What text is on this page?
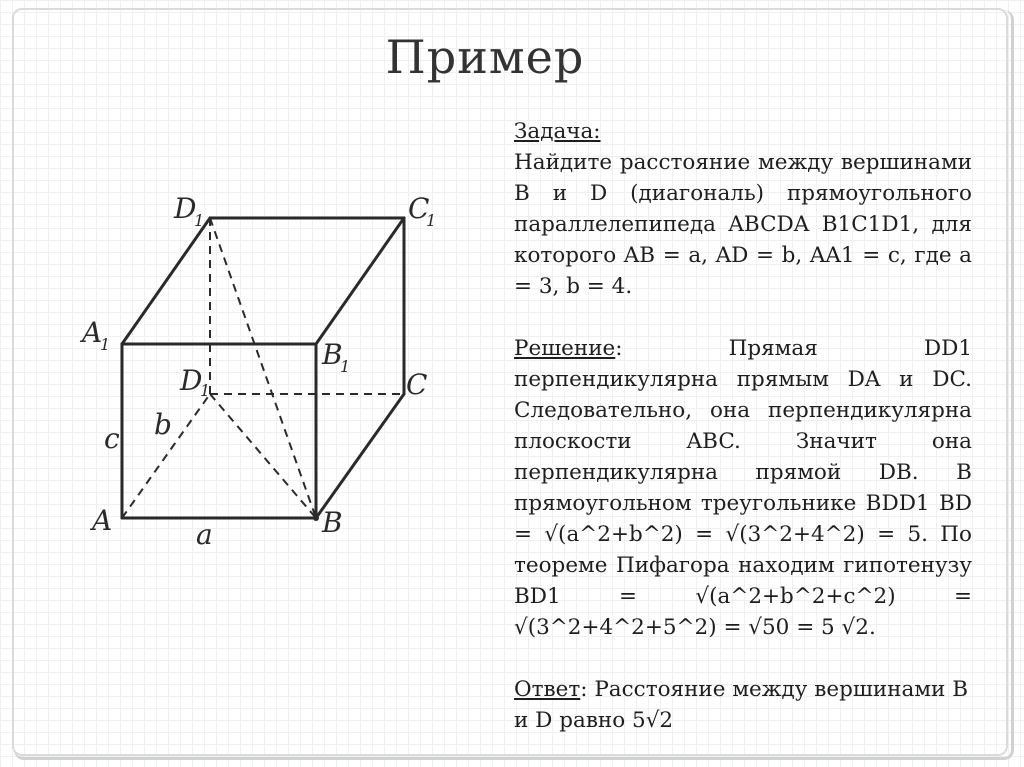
Пример
D
1	C
1
A
1	B
1
D
1	C
c b
A	a	B

Задача:

Найдите расстояние между вершинами В и D (диагональ) прямоугольного параллелепипеда ABCDA B1C1D1, для которого AB = a, AD = b, AA1 = c, где a = 3, b = 4.

Решение:	Прямая DD1 перпендикулярна прямым DA и DC. Следовательно, она перпендикулярна плоскости ABC. Значит она перпендикулярна прямой DB. В прямоугольном треугольнике BDD1 BD = √(a^2+b^2) = √(3^2+4^2) = 5. По теореме Пифагора находим гипотенузу BD1 = √(a^2+b^2+c^2) = √(3^2+4^2+5^2) = √50 = 5 √2.

Ответ: Расстояние между вершинами В и D равно 5√2
